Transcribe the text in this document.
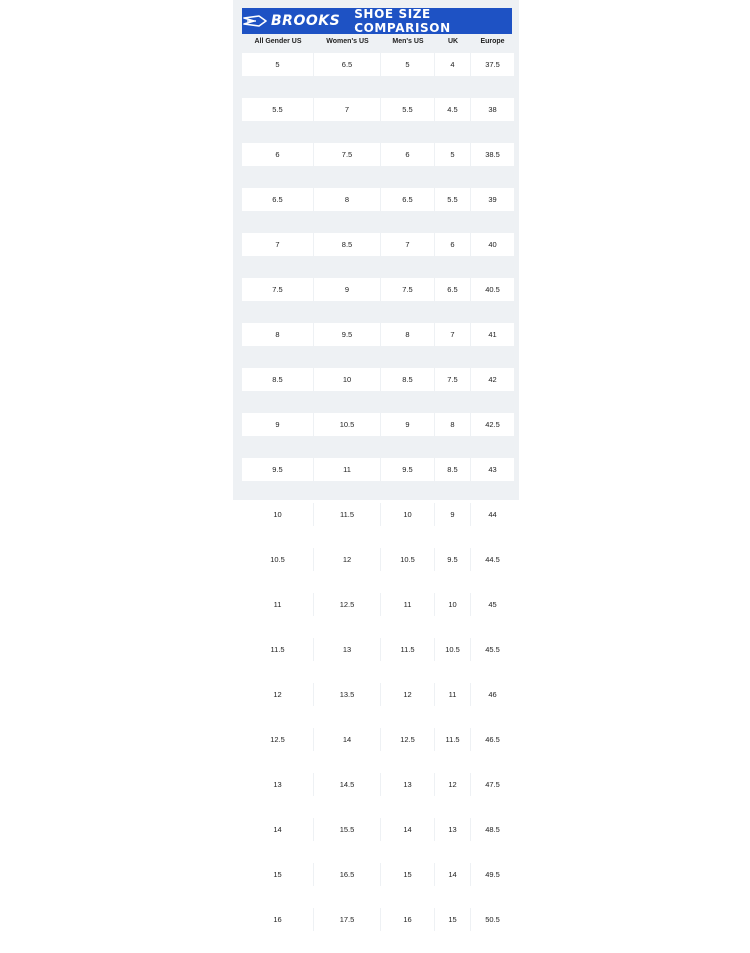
BROOKS SHOE SIZE COMPARISON
All Gender US	Women's US	Men's US	UK	Europe
5	6.5	5	4	37.5
5.5	7	5.5	4.5	38
6	7.5	6	5	38.5
6.5	8	6.5	5.5	39
7	8.5	7	6	40
7.5	9	7.5	6.5	40.5
8	9.5	8	7	41
8.5	10	8.5	7.5	42
9	10.5	9	8	42.5
9.5	11	9.5	8.5	43
10	11.5	10	9	44
10.5	12	10.5	9.5	44.5
11	12.5	11	10	45
11.5	13	11.5	10.5	45.5
12	13.5	12	11	46
12.5	14	12.5	11.5	46.5
13	14.5	13	12	47.5
14	15.5	14	13	48.5
15	16.5	15	14	49.5
16	17.5	16	15	50.5
